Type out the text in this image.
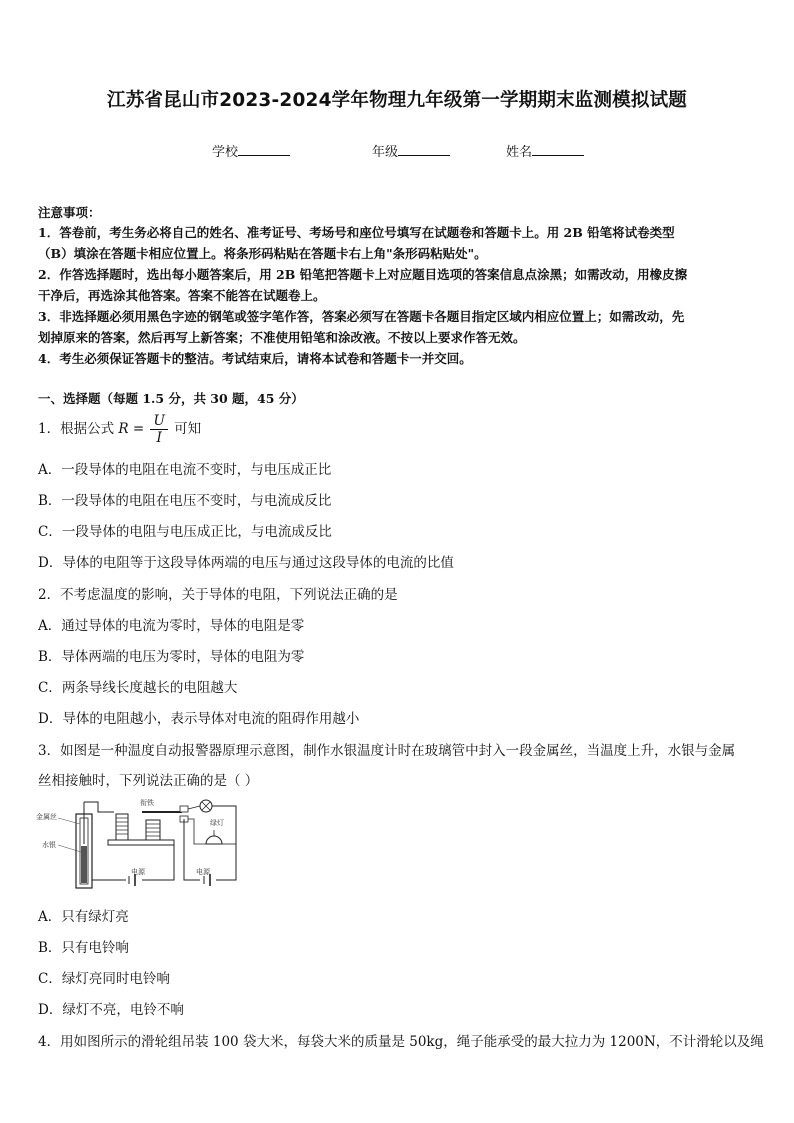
江苏省昆山市2023-2024学年物理九年级第一学期期末监测模拟试题
学校	年级	姓名
注意事项：
1．答卷前，考生务必将自己的姓名、准考证号、考场号和座位号填写在试题卷和答题卡上。用 2B 铅笔将试卷类型
（B）填涂在答题卡相应位置上。将条形码粘贴在答题卡右上角"条形码粘贴处"。
2．作答选择题时，选出每小题答案后，用 2B 铅笔把答题卡上对应题目选项的答案信息点涂黑；如需改动，用橡皮擦
干净后，再选涂其他答案。答案不能答在试题卷上。
3．非选择题必须用黑色字迹的钢笔或签字笔作答，答案必须写在答题卡各题目指定区域内相应位置上；如需改动，先
划掉原来的答案，然后再写上新答案；不准使用铅笔和涂改液。不按以上要求作答无效。
4．考生必须保证答题卡的整洁。考试结束后，请将本试卷和答题卡一并交回。
一、选择题（每题 1.5 分，共 30 题，45 分）
1．根据公式 $R = \frac{U}{I}$ 可知
A．一段导体的电阻在电流不变时，与电压成正比
B．一段导体的电阻在电压不变时，与电流成反比
C．一段导体的电阻与电压成正比，与电流成反比
D．导体的电阻等于这段导体两端的电压与通过这段导体的电流的比值
2．不考虑温度的影响，关于导体的电阻，下列说法正确的是
A．通过导体的电流为零时，导体的电阻是零
B．导体两端的电压为零时，导体的电阻为零
C．两条导线长度越长的电阻越大
D．导体的电阻越小，表示导体对电流的阻碍作用越小
3．如图是一种温度自动报警器原理示意图，制作水银温度计时在玻璃管中封入一段金属丝，当温度上升，水银与金属
丝相接触时，下列说法正确的是（ ）
金属丝
水银
衔铁
绿灯
电源	电源
A．只有绿灯亮
B．只有电铃响
C．绿灯亮同时电铃响
D．绿灯不亮，电铃不响
4．用如图所示的滑轮组吊装 100 袋大米，每袋大米的质量是 50kg，绳子能承受的最大拉力为 1200N，不计滑轮以及绳
